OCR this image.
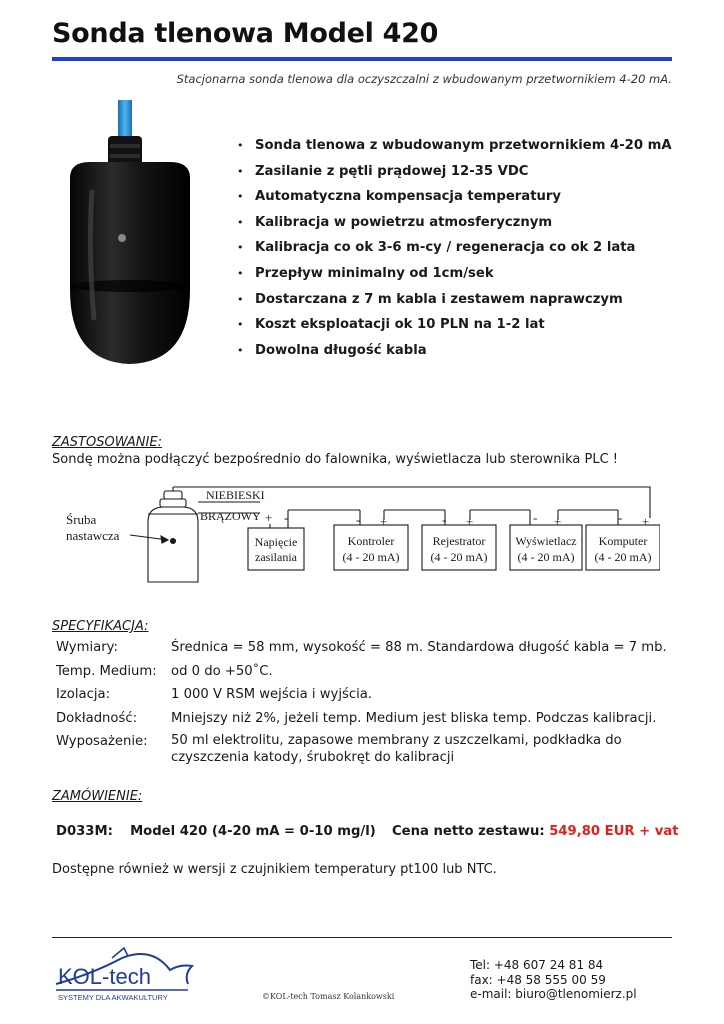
Sonda tlenowa Model 420
Stacjonarna sonda tlenowa dla oczyszczalni z wbudowanym przetwornikiem 4-20 mA.
• Sonda tlenowa z wbudowanym przetwornikiem 4-20 mA
• Zasilanie z pętli prądowej 12-35 VDC
• Automatyczna kompensacja temperatury
• Kalibracja w powietrzu atmosferycznym
• Kalibracja co ok 3-6 m-cy / regeneracja co ok 2 lata
• Przepływ minimalny od 1cm/sek
• Dostarczana z 7 m kabla i zestawem naprawczym
• Koszt eksploatacji ok 10 PLN na 1-2 lat
• Dowolna długość kabla
ZASTOSOWANIE:
Sondę można podłączyć bezpośrednio do falownika, wyświetlacza lub sterownika PLC !
Śruba
nastawcza
NIEBIESKI
BRĄZOWY + -
Napięcie
zasilania
- +
Kontroler
(4 - 20 mA)
- +
Rejestrator
(4 - 20 mA)
- +
Wyświetlacz
(4 - 20 mA)
- +
Komputer
(4 - 20 mA)
SPECYFIKACJA:
Wymiary:	Średnica = 58 mm, wysokość = 88 m. Standardowa długość kabla = 7 mb.
Temp. Medium:	od 0 do +50˚C.
Izolacja:	1 000 V RSM wejścia i wyjścia.
Dokładność:	Mniejszy niż 2%, jeżeli temp. Medium jest bliska temp. Podczas kalibracji.
Wyposażenie:	50 ml elektrolitu, zapasowe membrany z uszczelkami, podkładka do czyszczenia katody, śrubokręt do kalibracji
ZAMÓWIENIE:
D033M: Model 420 (4-20 mA = 0-10 mg/l) Cena netto zestawu: 549,80 EUR + vat
Dostępne również w wersji z czujnikiem temperatury pt100 lub NTC.
KOL-tech
SYSTEMY DLA AKWAKULTURY	©KOL-tech Tomasz Kolankowski
Tel: +48 607 24 81 84
fax: +48 58 555 00 59
e-mail: biuro@tlenomierz.pl
